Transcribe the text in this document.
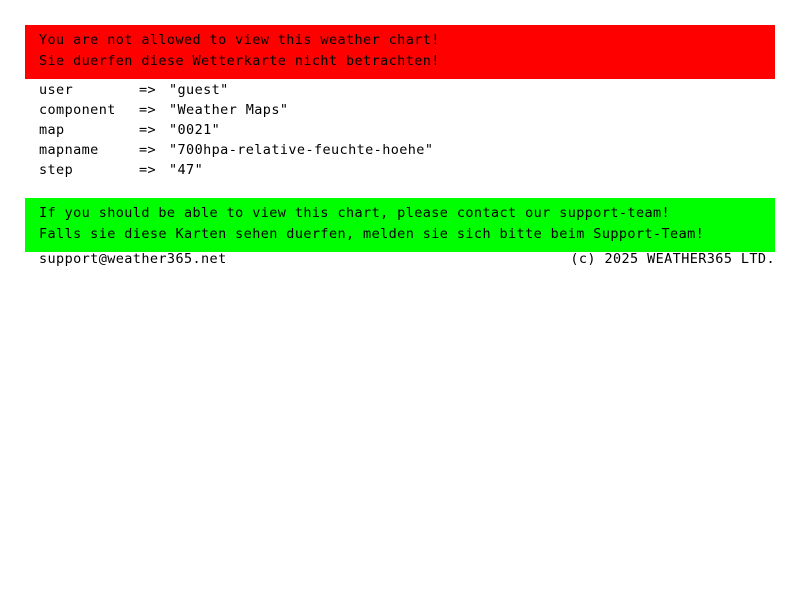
You are not allowed to view this weather chart!
Sie duerfen diese Wetterkarte nicht betrachten!
user	=> "guest"
component	=> "Weather Maps"
map	=> "0021"
mapname	=> "700hpa-relative-feuchte-hoehe"
step	=> "47"
If you should be able to view this chart, please contact our support-team!
Falls sie diese Karten sehen duerfen, melden sie sich bitte beim Support-Team!
support@weather365.net	(c) 2025 WEATHER365 LTD.
